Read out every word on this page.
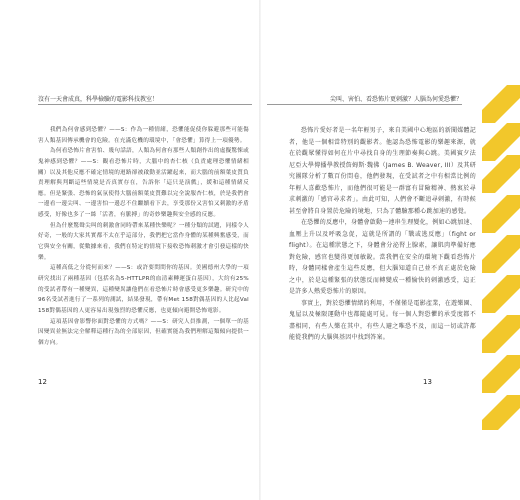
沒有一天會成真，科學檢驗的電影科技教室！

我們為何會感到恐懼？——S：作為一種情緒，恐懼能促使你躲避那些可能傷害人類基因傳承機會的危險。在充滿危機的環境中，「會恐懼」算得上一項優勢。

為何看恐怖片會害怕、幾句話語，人類為何會有那些人類創作出的虛擬驚悚或鬼神感到恐懼？——S：觀看恐怖片時，大腦中的杏仁核（負責處理恐懼情緒相關）以及其他反應不確定情境的迴路卻被啟動並活躍起來，而大腦的前額葉皮質負責理解與判斷這些情境是否真實存在，告訴你「這只是演戲」，緩和這種情緒反應。但是緊張、恐怖的氣氛使得大腦前額葉皮質難以完全說服杏仁核，於是我們會一邊看一邊尖叫、一邊害怕一邊忍不住繼續看下去，享受那份又害怕又刺激的矛盾感受，好像也多了一絲「活著，有脈搏」的奇妙樂趣與安全感的反應。

但為什麼驚聲尖叫的刺激會同時帶來某種快樂呢？一種分類的試題，同樣令人好奇，一般的大家其實都不太在乎這部分，我們把它當作身體的某種興奮感受，而它與安全有關，從數據來看，我們在特定的情境下接收恐怖刺激才會引發這樣的快樂。

這種高低之分從何而來？——S：或許要問問你的基因。美國德州大學的一項研究找出了兩種基因（包括名為5-HTTLPR的血清素轉運蛋白基因），大約有25%的受試者帶有一種變異，這種變異讓他們在看恐怖片時會感受更多樂趣。研究中的96名受試者進行了一系列的測試，結果發現，帶有Met 158對偶基因的人比起Val 158對偶基因的人更容易出現強烈的恐懼反應，也更傾向避開恐怖電影。

這項基因會影響你面對恐懼的方式嗎？——S：研究人員推測，一個單一的基因變異並無法完全解釋這種行為的全部原因，但確實能為我們理解這類傾向提供一個方向。

12
尖叫、害怕、看恐怖片更刺激？人腦為何愛恐懼？

恐怖片愛好者是一名年輕男子，來自美國中心地區的新聞媒體記者，他是一個相當特別的觀影者。他認為恐怖電影的樂趣來源，就在於觀眾懂得如何在片中尋找自身的生理節奏與心跳。美國賓夕法尼亞大學傳播學教授詹姆斯·魏佛（James B. Weaver, III）及其研究團隊分析了數百份問卷，他們發現，在受試者之中有相當比例的年輕人喜歡恐怖片，而他們很可能是一群富有冒險精神、熱衷於尋求刺激的「感官尋求者」。由此可知，人們會不斷追尋刺激，有時候甚至會將自身置於危險的境地，只為了體驗那種心跳加速的感覺。

在恐懼的反應中，身體會啟動一連串生理變化，例如心跳加速、血壓上升以及呼吸急促，這就是所謂的「戰或逃反應」（fight or flight）。在這種狀態之下，身體會分泌腎上腺素，讓肌肉準備好應對危險，感官也變得更加敏銳。當我們在安全的環境下觀看恐怖片時，身體同樣會產生這些反應，但大腦知道自己並不真正處於危險之中，於是這種緊張的狀態反而轉變成一種愉快的刺激感受，這正是許多人熱愛恐怖片的原因。

事實上，對於恐懼情緒的利用，不僅僅是電影產業，在遊樂園、鬼屋以及極限運動中也都隨處可見。每一個人對恐懼的承受度都不盡相同，有些人樂在其中，有些人避之唯恐不及，而這一切或許都能從我們的大腦與基因中找到答案。

13
